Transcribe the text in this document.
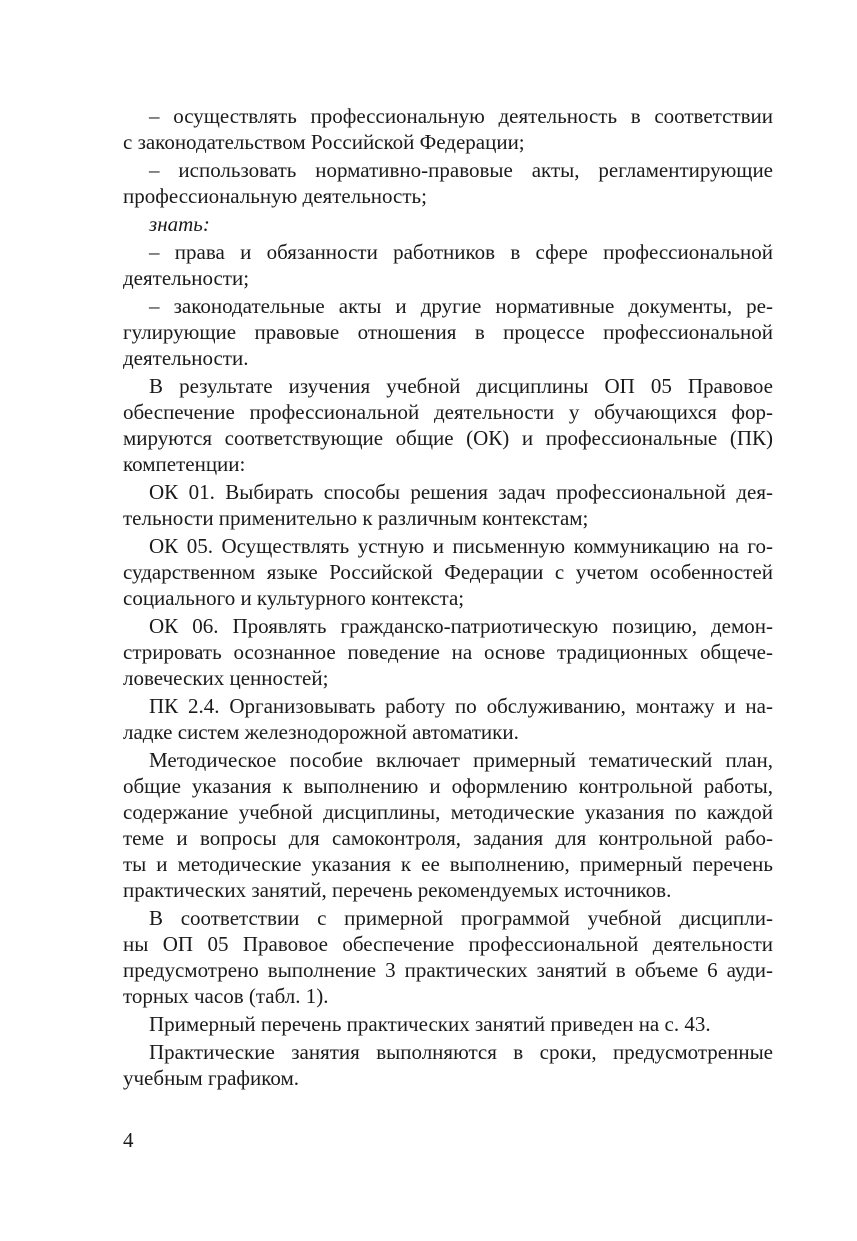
– осуществлять профессиональную деятельность в соответствии
с законодательством Российской Федерации;
– использовать нормативно-правовые акты, регламентирующие
профессиональную деятельность;
знать:
– права и обязанности работников в сфере профессиональной
деятельности;
– законодательные акты и другие нормативные документы, ре-
гулирующие правовые отношения в процессе профессиональной
деятельности.
В результате изучения учебной дисциплины ОП 05 Правовое
обеспечение профессиональной деятельности у обучающихся фор-
мируются соответствующие общие (ОК) и профессиональные (ПК)
компетенции:
ОК 01. Выбирать способы решения задач профессиональной дея-
тельности применительно к различным контекстам;
ОК 05. Осуществлять устную и письменную коммуникацию на го-
сударственном языке Российской Федерации с учетом особенностей
социального и культурного контекста;
ОК 06. Проявлять гражданско-патриотическую позицию, демон-
стрировать осознанное поведение на основе традиционных общече-
ловеческих ценностей;
ПК 2.4. Организовывать работу по обслуживанию, монтажу и на-
ладке систем железнодорожной автоматики.
Методическое пособие включает примерный тематический план,
общие указания к выполнению и оформлению контрольной работы,
содержание учебной дисциплины, методические указания по каждой
теме и вопросы для самоконтроля, задания для контрольной рабо-
ты и методические указания к ее выполнению, примерный перечень
практических занятий, перечень рекомендуемых источников.
В соответствии с примерной программой учебной дисципли-
ны ОП 05 Правовое обеспечение профессиональной деятельности
предусмотрено выполнение 3 практических занятий в объеме 6 ауди-
торных часов (табл. 1).
Примерный перечень практических занятий приведен на с. 43.
Практические занятия выполняются в сроки, предусмотренные
учебным графиком.
4
